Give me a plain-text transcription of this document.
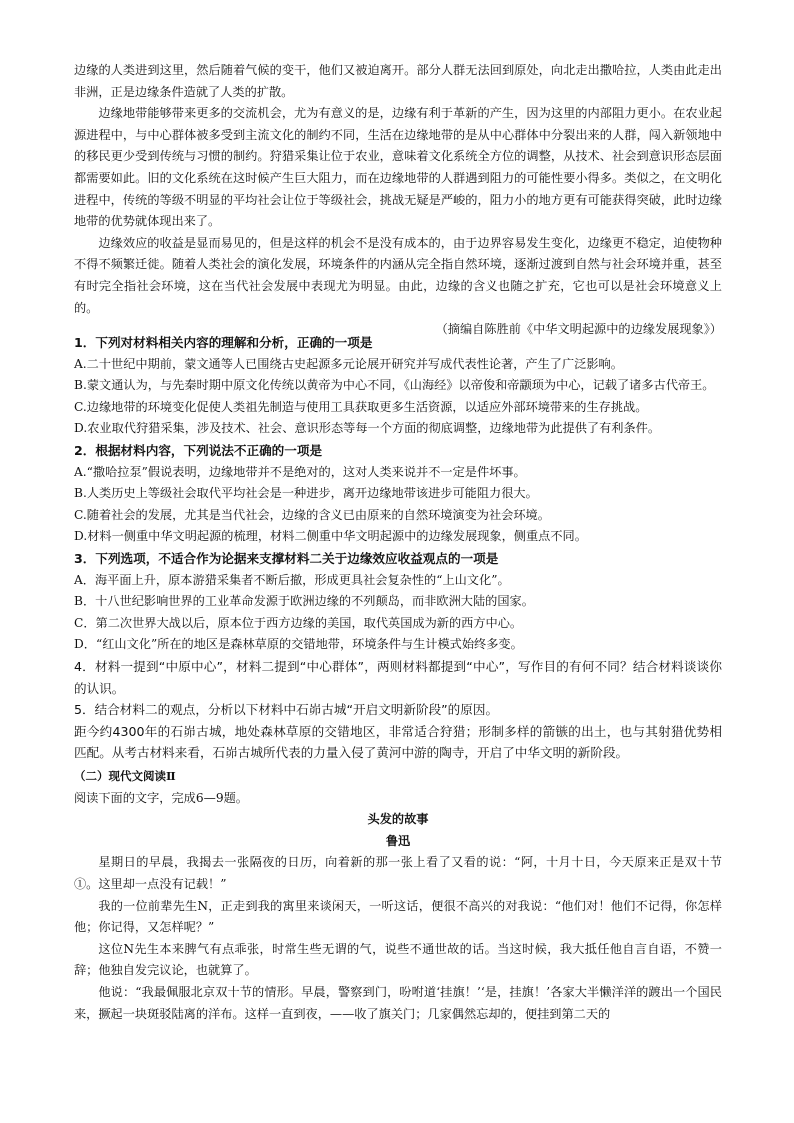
边缘的人类进到这里，然后随着气候的变干，他们又被迫离开。部分人群无法回到原处，向北走出撒哈拉，人类由此走出非洲，正是边缘条件造就了人类的扩散。

边缘地带能够带来更多的交流机会，尤为有意义的是，边缘有利于革新的产生，因为这里的内部阻力更小。在农业起源进程中，与中心群体被多受到主流文化的制约不同，生活在边缘地带的是从中心群体中分裂出来的人群，闯入新领地中的移民更少受到传统与习惯的制约。狩猎采集让位于农业，意味着文化系统全方位的调整，从技术、社会到意识形态层面都需要如此。旧的文化系统在这时候产生巨大阻力，而在边缘地带的人群遇到阻力的可能性要小得多。类似之，在文明化进程中，传统的等级不明显的平均社会让位于等级社会，挑战无疑是严峻的，阻力小的地方更有可能获得突破，此时边缘地带的优势就体现出来了。

边缘效应的收益是显而易见的，但是这样的机会不是没有成本的，由于边界容易发生变化，边缘更不稳定，迫使物种不得不频繁迁徙。随着人类社会的演化发展，环境条件的内涵从完全指自然环境，逐渐过渡到自然与社会环境并重，甚至有时完全指社会环境，这在当代社会发展中表现尤为明显。由此，边缘的含义也随之扩充，它也可以是社会环境意义上的。

（摘编自陈胜前《中华文明起源中的边缘发展现象》）

1．下列对材料相关内容的理解和分析，正确的一项是

A.二十世纪中期前，蒙文通等人已围绕古史起源多元论展开研究并写成代表性论著，产生了广泛影响。

B.蒙文通认为，与先秦时期中原文化传统以黄帝为中心不同，《山海经》以帝俊和帝颛顼为中心，记载了诸多古代帝王。

C.边缘地带的环境变化促使人类祖先制造与使用工具获取更多生活资源，以适应外部环境带来的生存挑战。

D.农业取代狩猎采集，涉及技术、社会、意识形态等每一个方面的彻底调整，边缘地带为此提供了有利条件。

2．根据材料内容，下列说法不正确的一项是

A.“撒哈拉泵”假说表明，边缘地带并不是绝对的，这对人类来说并不一定是件坏事。

B.人类历史上等级社会取代平均社会是一种进步，离开边缘地带该进步可能阻力很大。

C.随着社会的发展，尤其是当代社会，边缘的含义已由原来的自然环境演变为社会环境。

D.材料一侧重中华文明起源的梳理，材料二侧重中华文明起源中的边缘发展现象，侧重点不同。

3．下列选项，不适合作为论据来支撑材料二关于边缘效应收益观点的一项是

A．海平面上升，原本游猎采集者不断后撤，形成更具社会复杂性的“上山文化”。

B．十八世纪影响世界的工业革命发源于欧洲边缘的不列颠岛，而非欧洲大陆的国家。

C．第二次世界大战以后，原本位于西方边缘的美国，取代英国成为新的西方中心。

D．“红山文化”所在的地区是森林草原的交错地带，环境条件与生计模式始终多变。

4．材料一提到“中原中心”，材料二提到“中心群体”，两则材料都提到“中心”，写作目的有何不同？结合材料谈谈你的认识。

5．结合材料二的观点，分析以下材料中石峁古城“开启文明新阶段”的原因。

距今约4300年的石峁古城，地处森林草原的交错地区，非常适合狩猎；形制多样的箭镞的出土，也与其射猎优势相匹配。从考古材料来看，石峁古城所代表的力量入侵了黄河中游的陶寺，开启了中华文明的新阶段。

（二）现代文阅读Ⅱ

阅读下面的文字，完成6—9题。

头发的故事

鲁迅

星期日的早晨，我揭去一张隔夜的日历，向着新的那一张上看了又看的说：“阿，十月十日，今天原来正是双十节①。这里却一点没有记载！”

我的一位前辈先生N，正走到我的寓里来谈闲天，一听这话，便很不高兴的对我说：“他们对！他们不记得，你怎样他；你记得，又怎样呢？”

这位N先生本来脾气有点乖张，时常生些无谓的气，说些不通世故的话。当这时候，我大抵任他自言自语，不赞一辞；他独自发完议论，也就算了。

他说：“我最佩服北京双十节的情形。早晨，警察到门，吩咐道‘挂旗！’‘是，挂旗！’各家大半懒洋洋的踱出一个国民来，撅起一块斑驳陆离的洋布。这样一直到夜，——收了旗关门；几家偶然忘却的，便挂到第二天的
